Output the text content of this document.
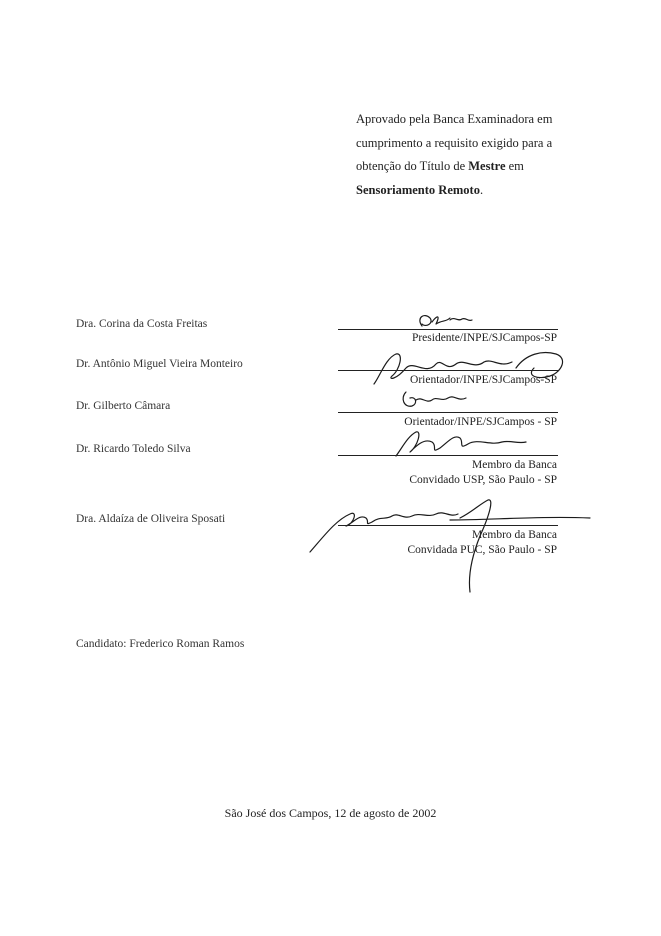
Aprovado pela Banca Examinadora em
cumprimento a requisito exigido para a
obtenção do Título de Mestre em
Sensoriamento Remoto.
Dra. Corina da Costa Freitas
Presidente/INPE/SJCampos-SP
Dr. Antônio Miguel Vieira Monteiro
Orientador/INPE/SJCampos-SP
Dr. Gilberto Câmara
Orientador/INPE/SJCampos - SP
Dr. Ricardo Toledo Silva
Membro da Banca
Convidado USP, São Paulo - SP
Dra. Aldaíza de Oliveira Sposati
Membro da Banca
Convidada PUC, São Paulo - SP
Candidato: Frederico Roman Ramos
São José dos Campos, 12 de agosto de 2002
